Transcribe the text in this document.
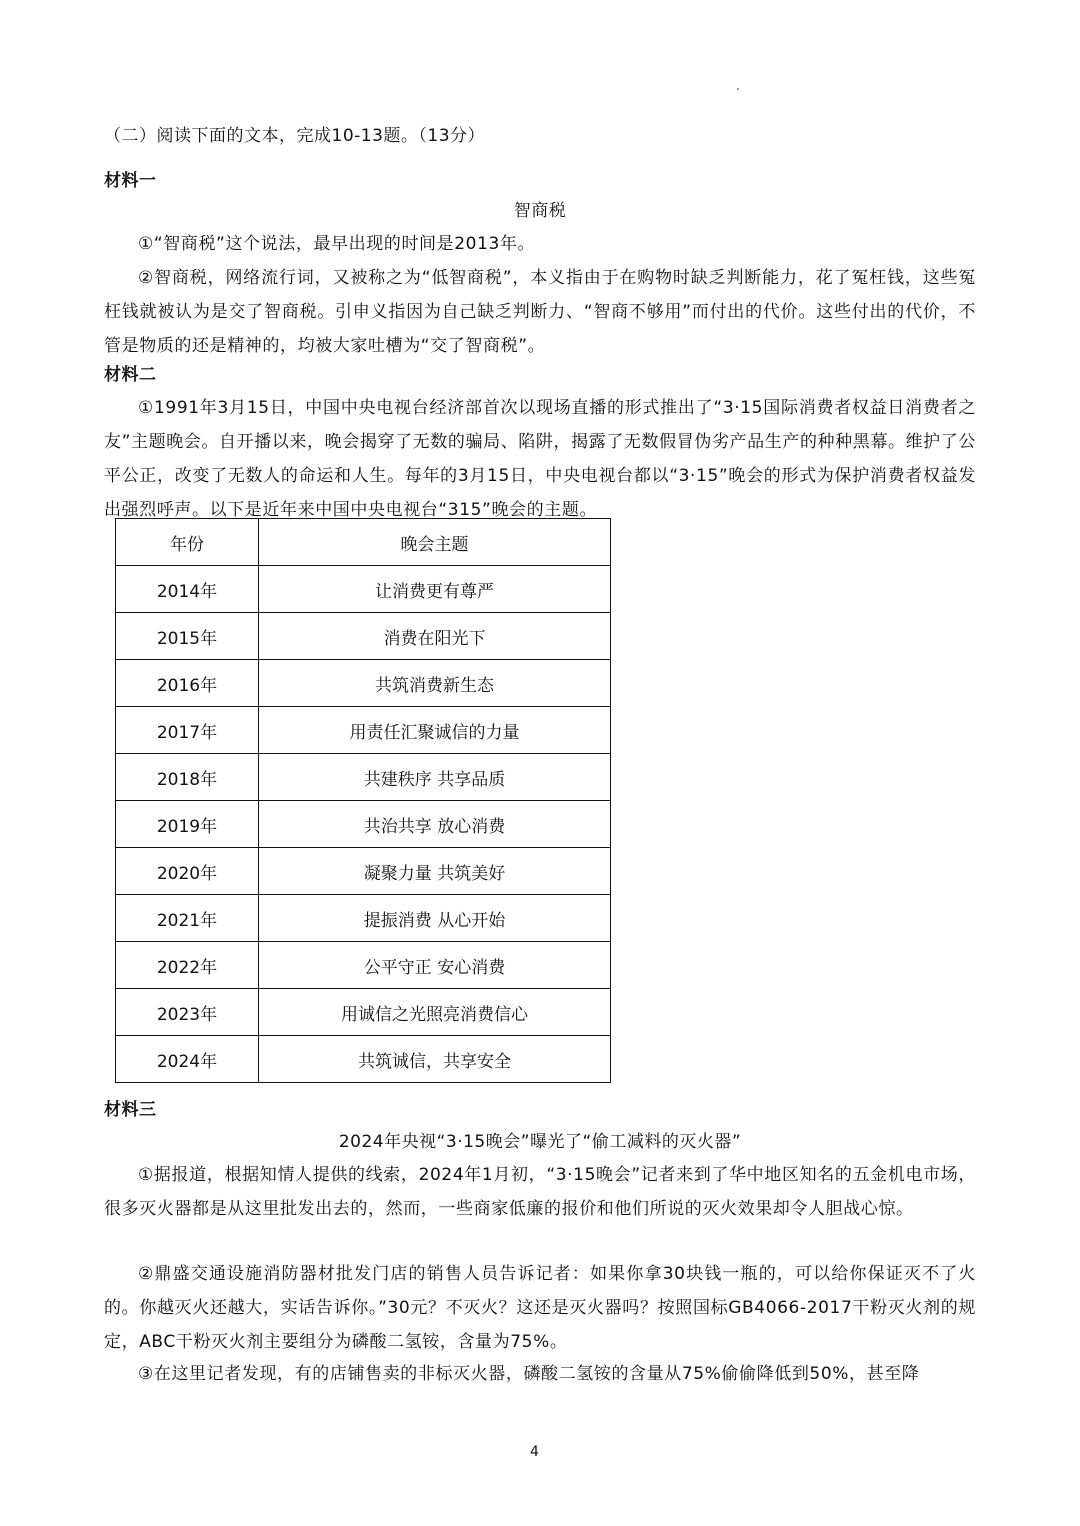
（二）阅读下面的文本，完成10-13题。（13分）
材料一
智商税
①“智商税”这个说法，最早出现的时间是2013年。
②智商税，网络流行词，又被称之为“低智商税”，本义指由于在购物时缺乏判断能力，花了冤枉钱，这些冤枉钱就被认为是交了智商税。引申义指因为自己缺乏判断力、“智商不够用”而付出的代价。这些付出的代价，不管是物质的还是精神的，均被大家吐槽为“交了智商税”。
材料二
①1991年3月15日，中国中央电视台经济部首次以现场直播的形式推出了“3·15国际消费者权益日消费者之友”主题晚会。自开播以来，晚会揭穿了无数的骗局、陷阱，揭露了无数假冒伪劣产品生产的种种黑幕。维护了公平公正，改变了无数人的命运和人生。每年的3月15日，中央电视台都以“3·15”晚会的形式为保护消费者权益发出强烈呼声。以下是近年来中国中央电视台“315”晚会的主题。
年份	晚会主题
2014年	让消费更有尊严
2015年	消费在阳光下
2016年	共筑消费新生态
2017年	用责任汇聚诚信的力量
2018年	共建秩序 共享品质
2019年	共治共享 放心消费
2020年	凝聚力量 共筑美好
2021年	提振消费 从心开始
2022年	公平守正 安心消费
2023年	用诚信之光照亮消费信心
2024年	共筑诚信，共享安全
材料三
2024年央视“3·15晚会”曝光了“偷工减料的灭火器”
①据报道，根据知情人提供的线索，2024年1月初，“3·15晚会”记者来到了华中地区知名的五金机电市场，很多灭火器都是从这里批发出去的，然而，一些商家低廉的报价和他们所说的灭火效果却令人胆战心惊。
②鼎盛交通设施消防器材批发门店的销售人员告诉记者：如果你拿30块钱一瓶的，可以给你保证灭不了火的。你越灭火还越大，实话告诉你。”30元？不灭火？这还是灭火器吗？按照国标GB4066-2017干粉灭火剂的规定，ABC干粉灭火剂主要组分为磷酸二氢铵，含量为75%。
③在这里记者发现，有的店铺售卖的非标灭火器，磷酸二氢铵的含量从75%偷偷降低到50%，甚至降
4
